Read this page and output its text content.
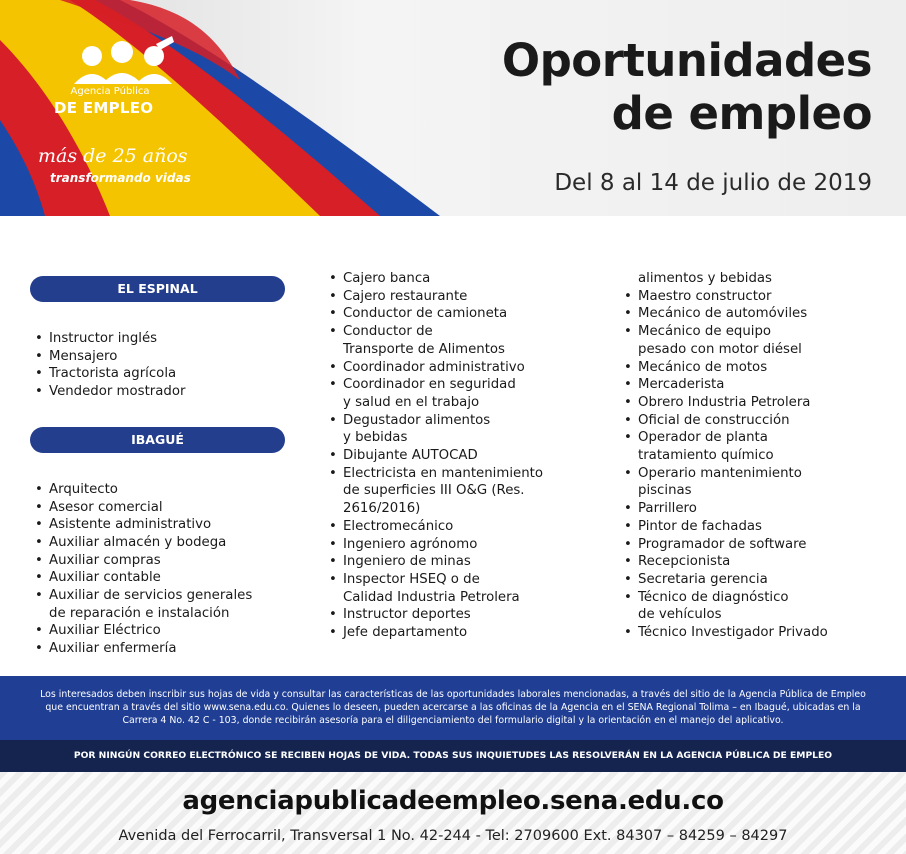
Agencia Pública
DE EMPLEO
más de 25 años
transformando vidas
Oportunidades
de empleo
Del 8 al 14 de julio de 2019
EL ESPINAL
• Instructor inglés
• Mensajero
• Tractorista agrícola
• Vendedor mostrador
IBAGUÉ
• Arquitecto
• Asesor comercial
• Asistente administrativo
• Auxiliar almacén y bodega
• Auxiliar compras
• Auxiliar contable
• Auxiliar de servicios generales
de reparación e instalación
• Auxiliar Eléctrico
• Auxiliar enfermería
• Cajero banca
• Cajero restaurante
• Conductor de camioneta
• Conductor de
Transporte de Alimentos
• Coordinador administrativo
• Coordinador en seguridad
y salud en el trabajo
• Degustador alimentos
y bebidas
• Dibujante AUTOCAD
• Electricista en mantenimiento
de superficies III O&G (Res.
2616/2016)
• Electromecánico
• Ingeniero agrónomo
• Ingeniero de minas
• Inspector HSEQ o de
Calidad Industria Petrolera
• Instructor deportes
• Jefe departamento
alimentos y bebidas
• Maestro constructor
• Mecánico de automóviles
• Mecánico de equipo
pesado con motor diésel
• Mecánico de motos
• Mercaderista
• Obrero Industria Petrolera
• Oficial de construcción
• Operador de planta
tratamiento químico
• Operario mantenimiento
piscinas
• Parrillero
• Pintor de fachadas
• Programador de software
• Recepcionista
• Secretaria gerencia
• Técnico de diagnóstico
de vehículos
• Técnico Investigador Privado
Los interesados deben inscribir sus hojas de vida y consultar las características de las oportunidades laborales mencionadas, a través del sitio de la Agencia Pública de Empleo que encuentran a través del sitio www.sena.edu.co. Quienes lo deseen, pueden acercarse a las oficinas de la Agencia en el SENA Regional Tolima – en Ibagué, ubicadas en la Carrera 4 No. 42 C - 103, donde recibirán asesoría para el diligenciamiento del formulario digital y la orientación en el manejo del aplicativo.
POR NINGÚN CORREO ELECTRÓNICO SE RECIBEN HOJAS DE VIDA. TODAS SUS INQUIETUDES LAS RESOLVERÁN EN LA AGENCIA PÚBLICA DE EMPLEO
agenciapublicadeempleo.sena.edu.co
Avenida del Ferrocarril, Transversal 1 No. 42-244 - Tel: 2709600 Ext. 84307 – 84259 – 84297
